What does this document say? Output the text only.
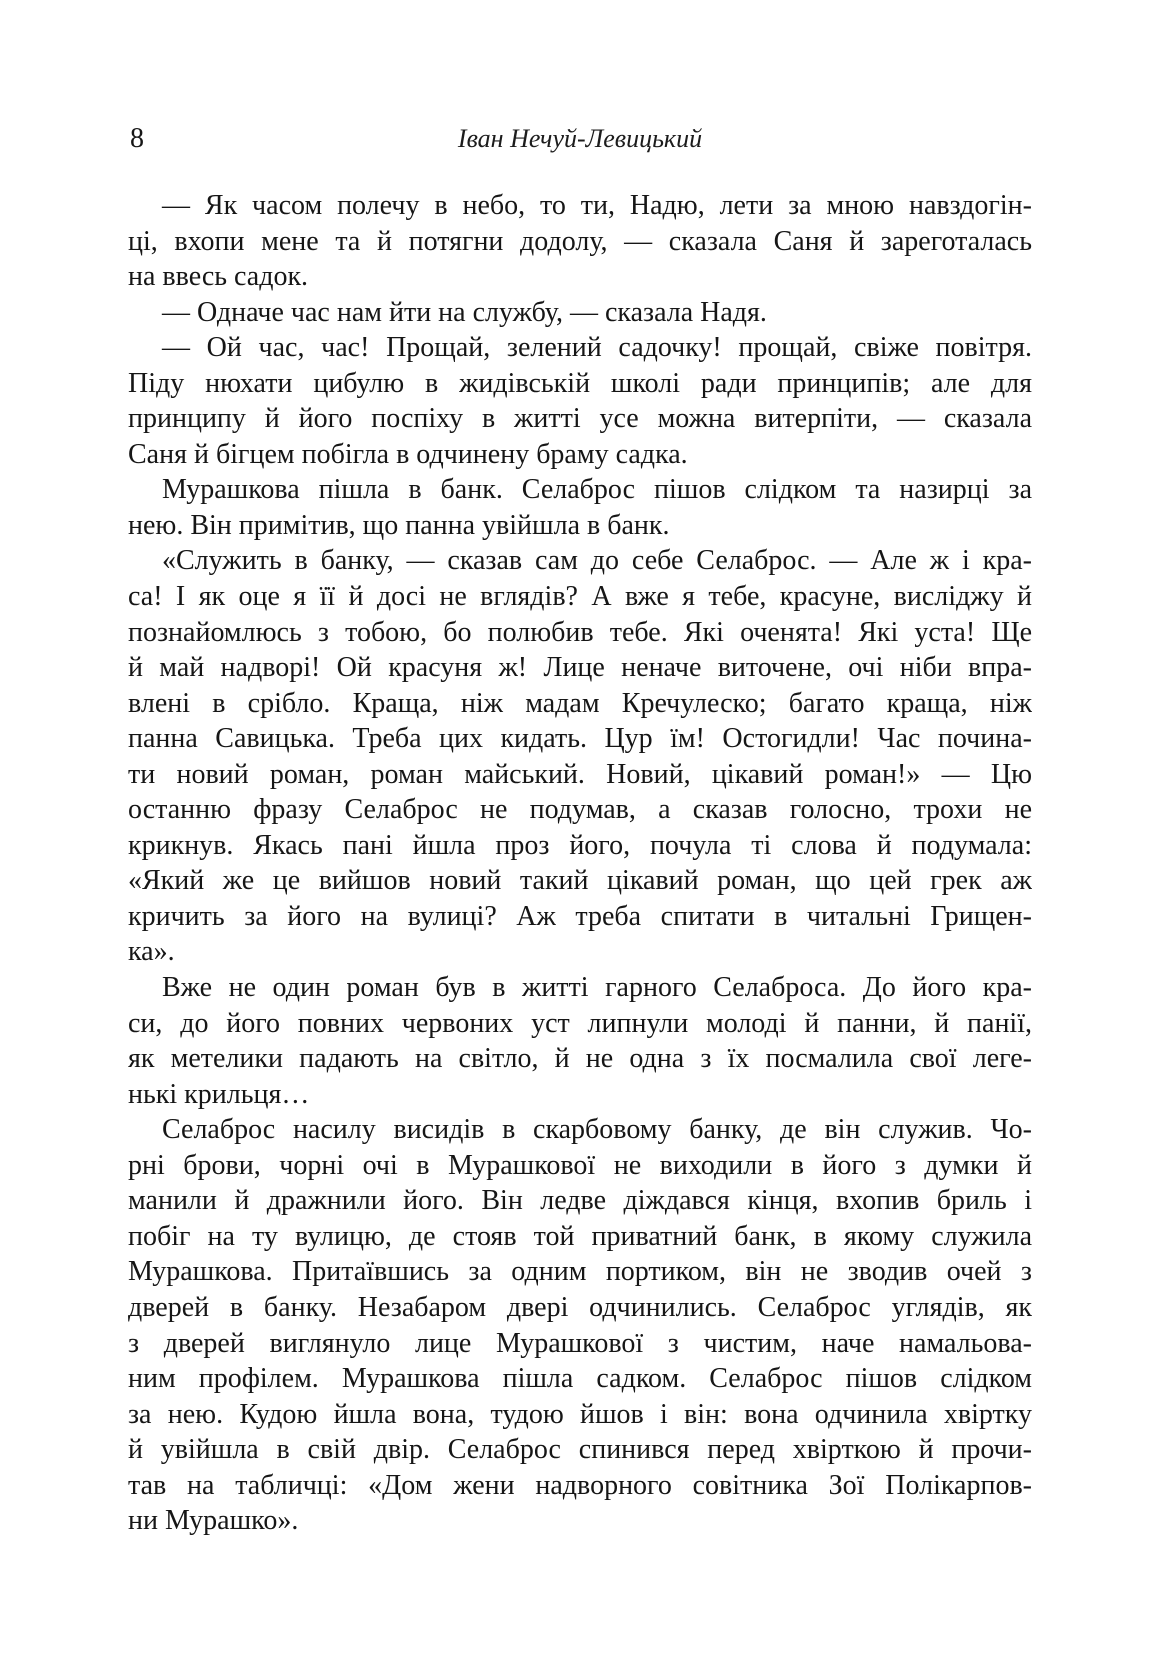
8	Іван Нечуй-Левицький
— Як часом полечу в небо, то ти, Надю, лети за мною навздогін-
ці, вхопи мене та й потягни додолу, — сказала Саня й зареготалась
на ввесь садок.
— Одначе час нам йти на службу, — сказала Надя.
— Ой час, час! Прощай, зелений садочку! прощай, свіже повітря.
Піду нюхати цибулю в жидівській школі ради принципів; але для
принципу й його поспіху в житті усе можна витерпіти, — сказала
Саня й бігцем побігла в одчинену браму садка.
Мурашкова пішла в банк. Селаброс пішов слідком та назирці за
нею. Він примітив, що панна увійшла в банк.
«Служить в банку, — сказав сам до себе Селаброс. — Але ж і кра-
са! І як оце я її й досі не вглядів? А вже я тебе, красуне, висліджу й
познайомлюсь з тобою, бо полюбив тебе. Які оченята! Які уста! Ще
й май надворі! Ой красуня ж! Лице неначе виточене, очі ніби впра-
влені в срібло. Краща, ніж мадам Кречулеско; багато краща, ніж
панна Савицька. Треба цих кидать. Цур їм! Остогидли! Час почина-
ти новий роман, роман майський. Новий, цікавий роман!» — Цю
останню фразу Селаброс не подумав, а сказав голосно, трохи не
крикнув. Якась пані йшла проз його, почула ті слова й подумала:
«Який же це вийшов новий такий цікавий роман, що цей грек аж
кричить за його на вулиці? Аж треба спитати в читальні Грищен-
ка».
Вже не один роман був в житті гарного Селаброса. До його кра-
си, до його повних червоних уст липнули молоді й панни, й панії,
як метелики падають на світло, й не одна з їх посмалила свої леге-
нькі крильця…
Селаброс насилу висидів в скарбовому банку, де він служив. Чо-
рні брови, чорні очі в Мурашкової не виходили в його з думки й
манили й дражнили його. Він ледве діждався кінця, вхопив бриль і
побіг на ту вулицю, де стояв той приватний банк, в якому служила
Мурашкова. Притаївшись за одним портиком, він не зводив очей з
дверей в банку. Незабаром двері одчинились. Селаброс углядів, як
з дверей виглянуло лице Мурашкової з чистим, наче намальова-
ним профілем. Мурашкова пішла садком. Селаброс пішов слідком
за нею. Кудою йшла вона, тудою йшов і він: вона одчинила хвіртку
й увійшла в свій двір. Селаброс спинився перед хвірткою й прочи-
тав на табличці: «Дом жени надворного совітника Зої Полікарпов-
ни Мурашко».
